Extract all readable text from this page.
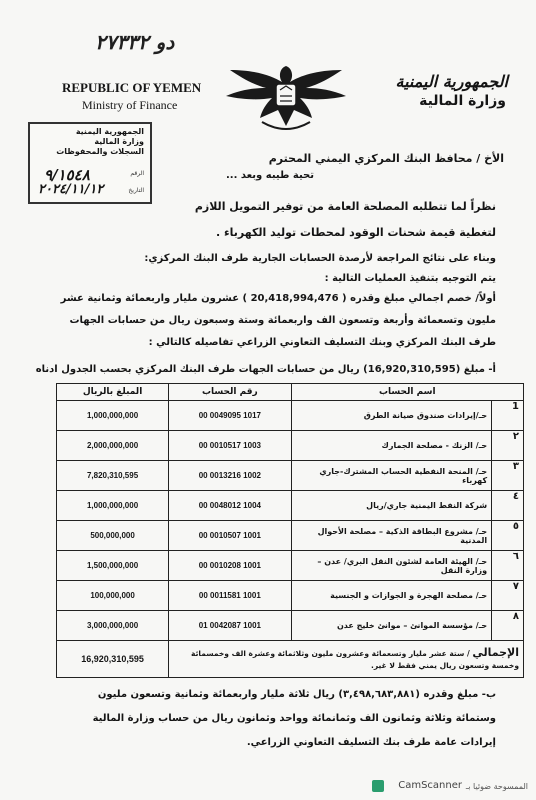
دو ٢٧٣٣٢
REPUBLIC OF YEMEN
Ministry of Finance
الجمهورية اليمنية
وزارة المالية
الجمهورية اليمنية
وزارة المالية
السجلات والمحفوظات
الرقم
٩/١٥٤٨
التاريخ
٢٠٢٤/١١/١٢
الأخ / محافظ البنك المركزي اليمني المحترم
تحية طيبه وبعد ...
نظراً لما تتطلبه المصلحة العامة من توفير التمويل اللازم
لتغطية قيمة شحنات الوقود لمحطات توليد الكهرباء .
وبناء على نتائج المراجعة لأرصدة الحسابات الجارية طرف البنك المركزي:
يتم التوجيه بتنفيذ العمليات التالية :
أولاً/ خصم اجمالي مبلغ وقدره ( 20,418,994,476 ) عشرون مليار واربعمائة وثمانية عشر
مليون وتسعمائة وأربعة وتسعون الف واربعمائة وستة وسبعون ريال من حسابات الجهات
طرف البنك المركزي وبنك التسليف التعاوني الزراعي تفاصيله كالتالي :
أ- مبلغ (16,920,310,595) ريال من حسابات الجهات طرف البنك المركزي بحسب الجدول ادناه
اسم الحساب		رقم الحساب	المبلغ بالريال
1	حـ/إيرادات صندوق صيانة الطرق	00 0049095 1017	1,000,000,000
٢	حـ/ الزنك - مصلحة الجمارك	00 0010517 1003	2,000,000,000
٣	حـ/ المنحة النفطية الحساب المشترك-جاري كهرباء	00 0013216 1002	7,820,310,595
٤	شركة النفط اليمنية جاري/ريال	00 0048012 1004	1,000,000,000
٥	حـ/ مشروع البطاقة الذكية – مصلحة الأحوال المدنية	00 0010507 1001	500,000,000
٦	حـ/ الهيئة العامة لشئون النقل البري/ عدن – وزارة النقل	00 0010208 1001	1,500,000,000
٧	حـ/ مصلحة الهجرة و الجوازات و الجنسية	00 0011581 1001	100,000,000
٨	حـ/ مؤسسة الموانئ – موانئ خليج عدن	01 0042087 1001	3,000,000,000
الإجمالي / ستة عشر مليار وتسعمائة وعشرون مليون وثلاثمائة وعشرة الف وخمسمائة وخمسة وتسعون ريال يمني فقط لا غير.			16,920,310,595
ب- مبلغ وقدره (٣,٤٩٨,٦٨٣,٨٨١) ريال ثلاثة مليار واربعمائة وثمانية وتسعون مليون
وستمائة وثلاثة وثمانون الف وثمانمائة وواحد وثمانون ريال من حساب وزارة المالية
إيرادات عامة طرف بنك التسليف التعاوني الزراعي.
CamScanner الممسوحة ضوئيا بـ
